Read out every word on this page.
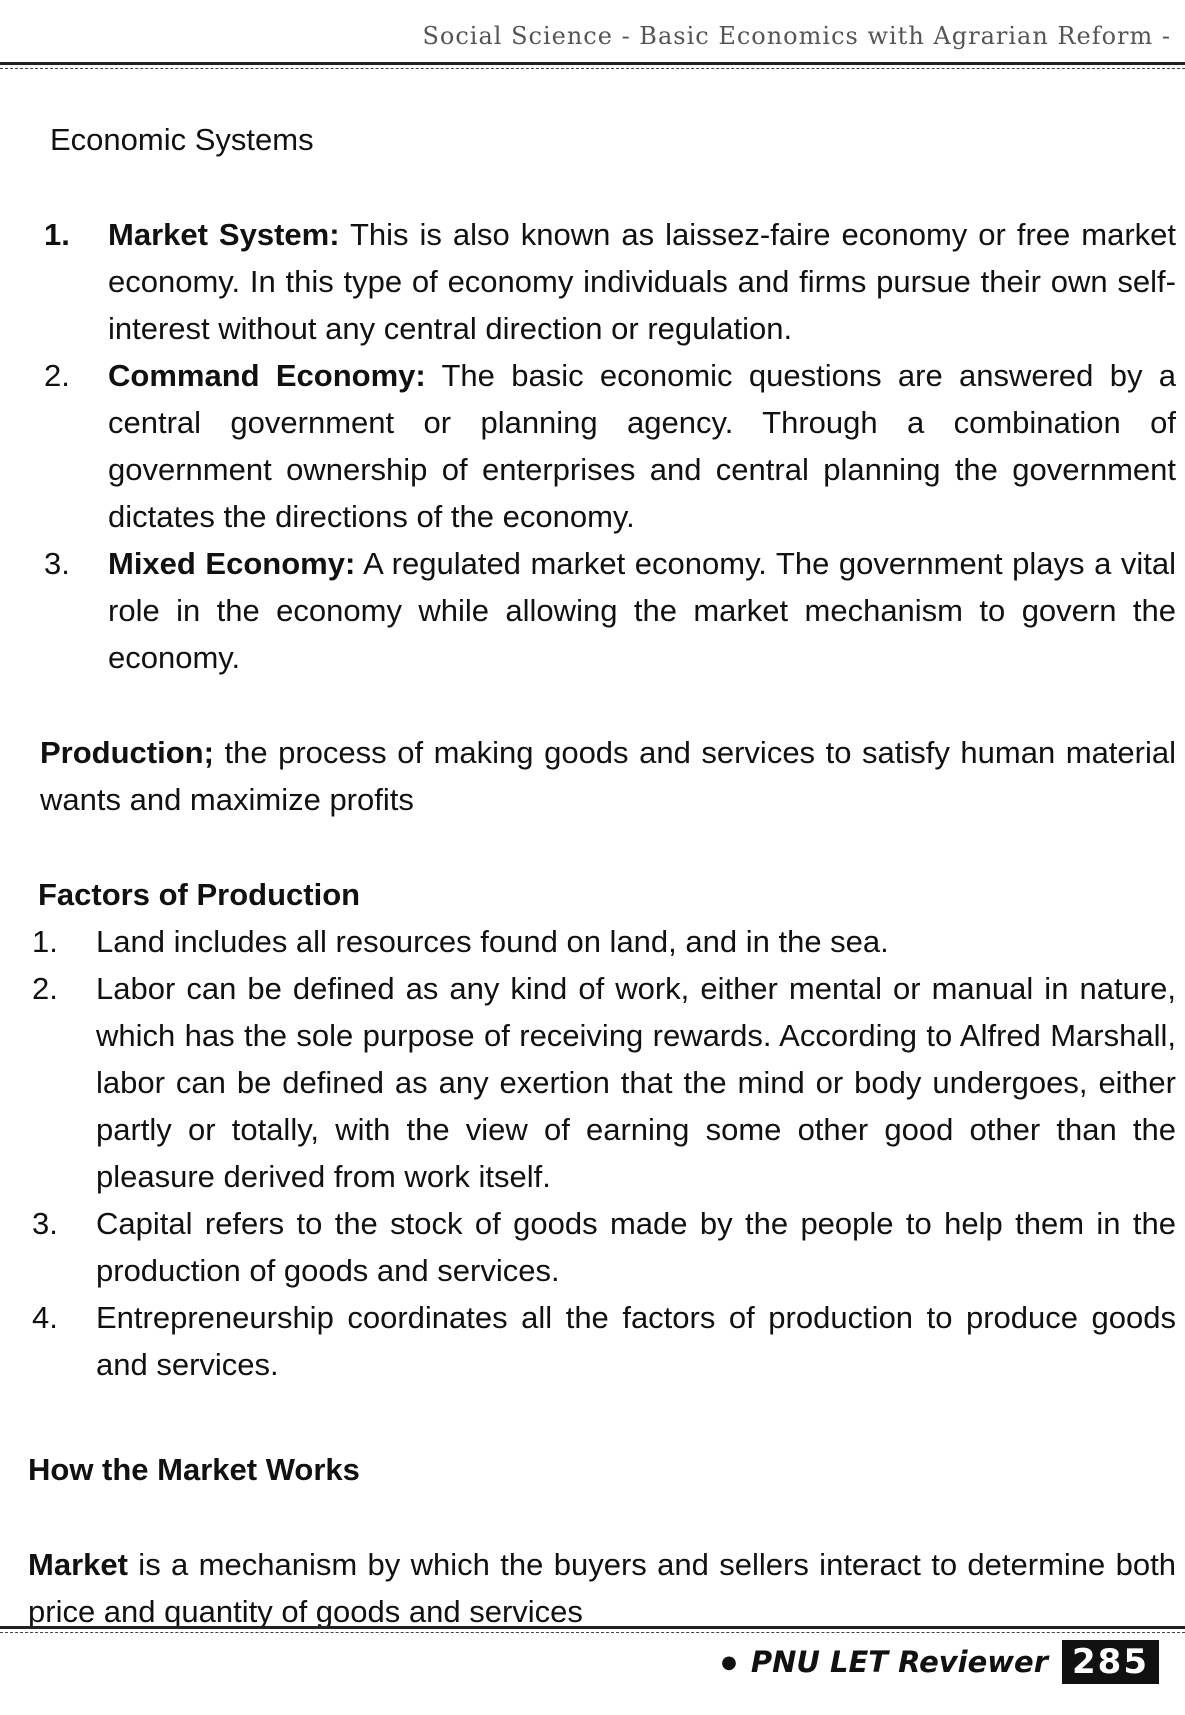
Social Science - Basic Economics with Agrarian Reform -
Economic Systems
1.	Market System: This is also known as laissez-faire economy or free market economy. In this type of economy individuals and firms pursue their own self-interest without any central direction or regulation.
2.	Command Economy: The basic economic questions are answered by a central government or planning agency. Through a combination of government ownership of enterprises and central planning the government dictates the directions of the economy.
3.	Mixed Economy: A regulated market economy. The government plays a vital role in the economy while allowing the market mechanism to govern the economy.

Production; the process of making goods and services to satisfy human material wants and maximize profits

Factors of Production
1.	Land includes all resources found on land, and in the sea.
2.	Labor can be defined as any kind of work, either mental or manual in nature, which has the sole purpose of receiving rewards. According to Alfred Marshall, labor can be defined as any exertion that the mind or body undergoes, either partly or totally, with the view of earning some other good other than the pleasure derived from work itself.
3.	Capital refers to the stock of goods made by the people to help them in the production of goods and services.
4.	Entrepreneurship coordinates all the factors of production to produce goods and services.
How the Market Works

Market is a mechanism by which the buyers and sellers interact to determine both price and quantity of goods and services

● PNU LET Reviewer 285
